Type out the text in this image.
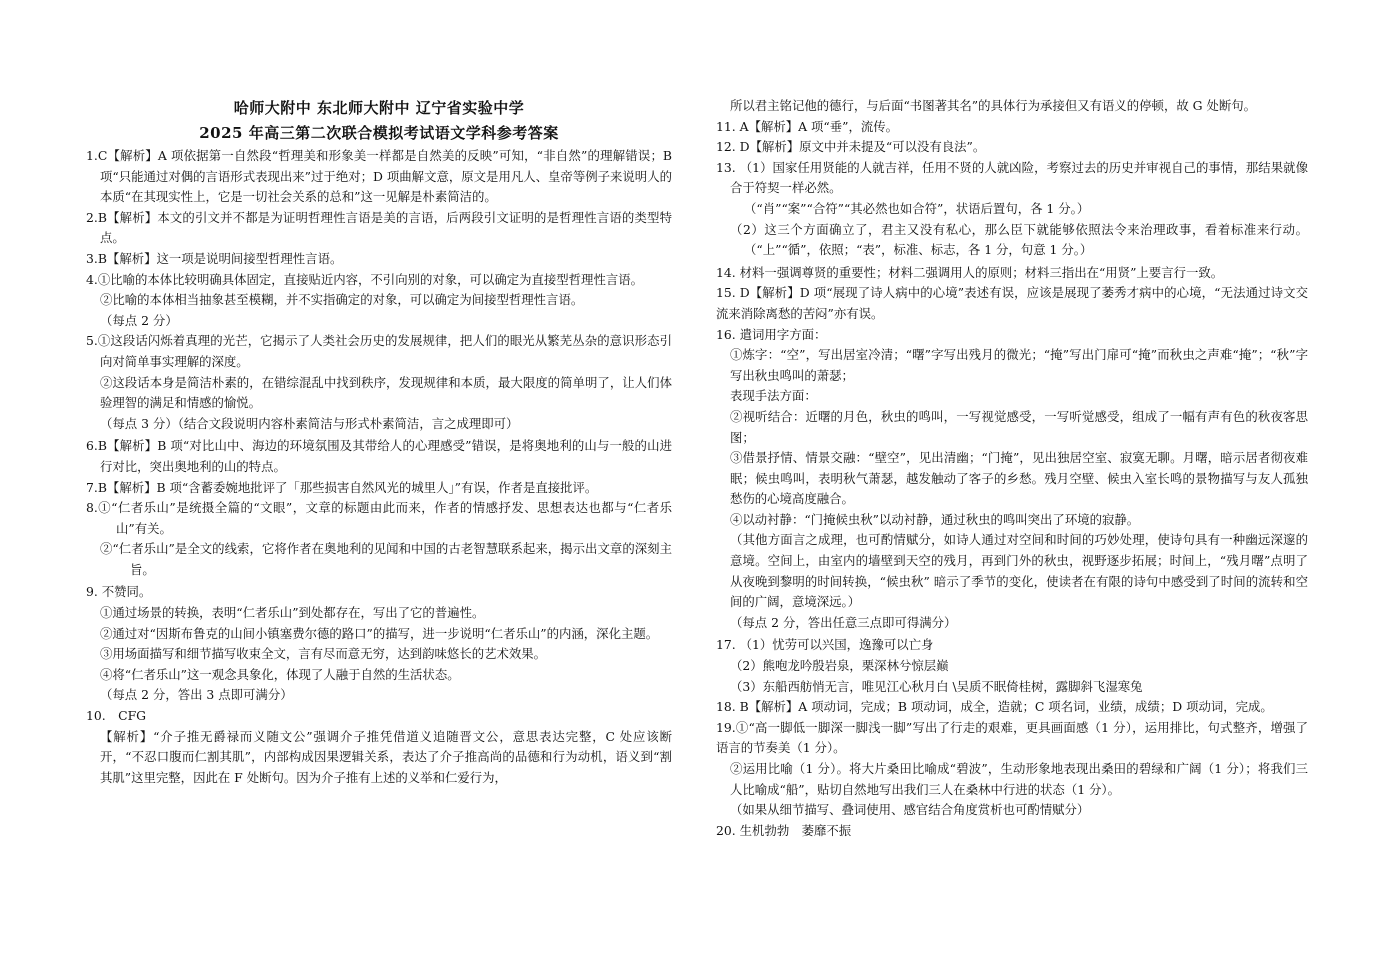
哈师大附中 东北师大附中 辽宁省实验中学

2025 年高三第二次联合模拟考试语文学科参考答案

1.C【解析】A 项依据第一自然段“哲理美和形象美一样都是自然美的反映”可知，“非自然”的理解错误；B 项“只能通过对偶的言语形式表现出来”过于绝对；D 项曲解文意，原文是用凡人、皇帝等例子来说明人的本质“在其现实性上，它是一切社会关系的总和”这一见解是朴素简洁的。

2.B【解析】本文的引文并不都是为证明哲理性言语是美的言语，后两段引文证明的是哲理性言语的类型特点。

3.B【解析】这一项是说明间接型哲理性言语。

4.①比喻的本体比较明确具体固定，直接贴近内容，不引向别的对象，可以确定为直接型哲理性言语。

②比喻的本体相当抽象甚至模糊，并不实指确定的对象，可以确定为间接型哲理性言语。

（每点 2 分）

5.①这段话闪烁着真理的光芒，它揭示了人类社会历史的发展规律，把人们的眼光从繁芜丛杂的意识形态引向对简单事实理解的深度。

②这段话本身是简洁朴素的，在错综混乱中找到秩序，发现规律和本质，最大限度的简单明了，让人们体验理智的满足和情感的愉悦。

（每点 3 分）（结合文段说明内容朴素简洁与形式朴素简洁，言之成理即可）

6.B【解析】B 项“对比山中、海边的环境氛围及其带给人的心理感受”错误，是将奥地利的山与一般的山进行对比，突出奥地利的山的特点。

7.B【解析】B 项“含蓄委婉地批评了「那些损害自然风光的城里人」”有误，作者是直接批评。

8.①“仁者乐山”是统摄全篇的“文眼”，文章的标题由此而来，作者的情感抒发、思想表达也都与“仁者乐山”有关。

②“仁者乐山”是全文的线索，它将作者在奥地利的见闻和中国的古老智慧联系起来，揭示出文章的深刻主旨。

9. 不赞同。

①通过场景的转换，表明“仁者乐山”到处都存在，写出了它的普遍性。

②通过对“因斯布鲁克的山间小镇塞费尔德的路口”的描写，进一步说明“仁者乐山”的内涵，深化主题。

③用场面描写和细节描写收束全文，言有尽而意无穷，达到韵味悠长的艺术效果。

④将“仁者乐山”这一观念具象化，体现了人融于自然的生活状态。

（每点 2 分，答出 3 点即可满分）

10.　CFG

【解析】“介子推无爵禄而义随文公”强调介子推凭借道义追随晋文公，意思表达完整，C 处应该断开，“不忍口腹而仁割其肌”，内部构成因果逻辑关系，表达了介子推高尚的品德和行为动机，语义到“割其肌”这里完整，因此在 F 处断句。因为介子推有上述的义举和仁爱行为，

所以君主铭记他的德行，与后面“书图著其名”的具体行为承接但又有语义的停顿，故 G 处断句。

11. A【解析】A 项“垂”，流传。

12. D【解析】原文中并未提及“可以没有良法”。

13. （1）国家任用贤能的人就吉祥，任用不贤的人就凶险，考察过去的历史并审视自己的事情，那结果就像合于符契一样必然。

（“肖”“案”“合符”“其必然也如合符”，状语后置句，各 1 分。）

（2）这三个方面确立了，君主又没有私心，那么臣下就能够依照法令来治理政事，看着标准来行动。（“上”“循”，依照；“表”，标准、标志，各 1 分，句意 1 分。）

14. 材料一强调尊贤的重要性；材料二强调用人的原则；材料三指出在“用贤”上要言行一致。

15. D【解析】D 项“展现了诗人病中的心境”表述有误，应该是展现了萎秀才病中的心境，“无法通过诗文交流来消除离愁的苦闷”亦有误。

16. 遣词用字方面：

①炼字：“空”，写出居室冷清；“曙”字写出残月的微光；“掩”写出门扉可“掩”而秋虫之声难“掩”；“秋”字写出秋虫鸣叫的萧瑟；

表现手法方面：

②视听结合：近曙的月色，秋虫的鸣叫，一写视觉感受，一写听觉感受，组成了一幅有声有色的秋夜客思图；

③借景抒情、情景交融：“壁空”，见出清幽；“门掩”，见出独居空室、寂寞无聊。月曙，暗示居者彻夜难眠；候虫鸣叫，表明秋气萧瑟，越发触动了客子的乡愁。残月空壁、候虫入室长鸣的景物描写与友人孤独愁伤的心境高度融合。

④以动衬静：“门掩候虫秋”以动衬静，通过秋虫的鸣叫突出了环境的寂静。

（其他方面言之成理，也可酌情赋分，如诗人通过对空间和时间的巧妙处理，使诗句具有一种幽远深邃的意境。空间上，由室内的墙壁到天空的残月，再到门外的秋虫，视野逐步拓展；时间上，“残月曙”点明了从夜晚到黎明的时间转换，“候虫秋” 暗示了季节的变化，使读者在有限的诗句中感受到了时间的流转和空间的广阔，意境深远。）

（每点 2 分，答出任意三点即可得满分）

17. （1）忧劳可以兴国，逸豫可以亡身

（2）熊咆龙吟殷岩泉，栗深林兮惊层巅

（3）东船西舫悄无言，唯见江心秋月白 \吴质不眠倚桂树，露脚斜飞湿寒兔

18. B【解析】A 项动词，完成；B 项动词，成全，造就；C 项名词，业绩，成绩；D 项动词，完成。

19.①“高一脚低一脚深一脚浅一脚”写出了行走的艰难，更具画面感（1 分），运用排比，句式整齐，增强了语言的节奏美（1 分）。

②运用比喻（1 分）。将大片桑田比喻成“碧波”，生动形象地表现出桑田的碧绿和广阔（1 分）；将我们三人比喻成“船”，贴切自然地写出我们三人在桑林中行进的状态（1 分）。

（如果从细节描写、叠词使用、感官结合角度赏析也可酌情赋分）

20. 生机勃勃　萎靡不振
